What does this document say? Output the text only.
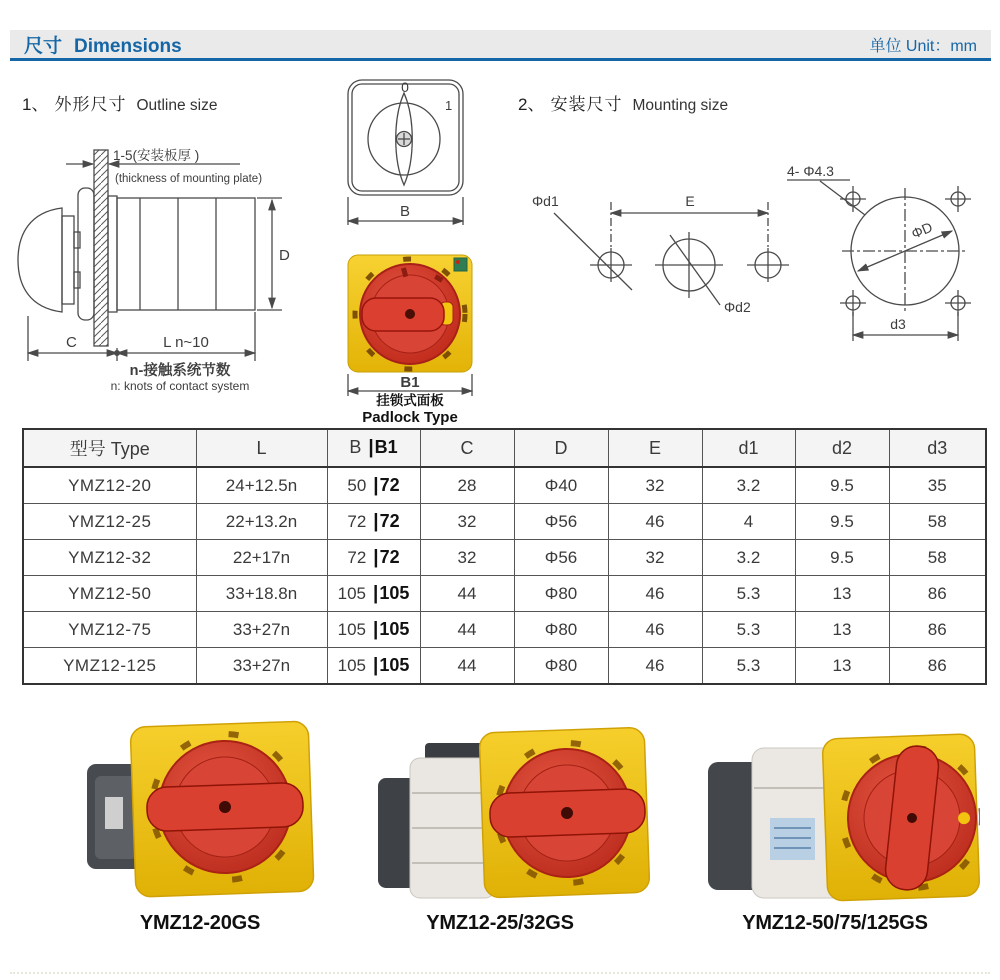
尺寸 Dimensions	单位 Unit：mm
1、 外形尺寸 Outline size	2、 安装尺寸 Mounting size
1-5(安装板厚 )
(thickness of mounting plate)
D
C	L n~10
n-接触系统节数
n: knots of contact system
0
1
B
B1
挂锁式面板
Padlock Type
Φd1	E
Φd2
4- Φ4.3
ΦD
d3
型号 Type	L	B |B1	C	D	E	d1	d2	d3
YMZ12-20	24+12.5n	50 |72	28	Φ40	32	3.2	9.5	35
YMZ12-25	22+13.2n	72 |72	32	Φ56	46	4	9.5	58
YMZ12-32	22+17n	72 |72	32	Φ56	32	3.2	9.5	58
YMZ12-50	33+18.8n	105 |105	44	Φ80	46	5.3	13	86
YMZ12-75	33+27n	105 |105	44	Φ80	46	5.3	13	86
YMZ12-125	33+27n	105 |105	44	Φ80	46	5.3	13	86
YMZ12-20GS	YMZ12-25/32GS	YMZ12-50/75/125GS
